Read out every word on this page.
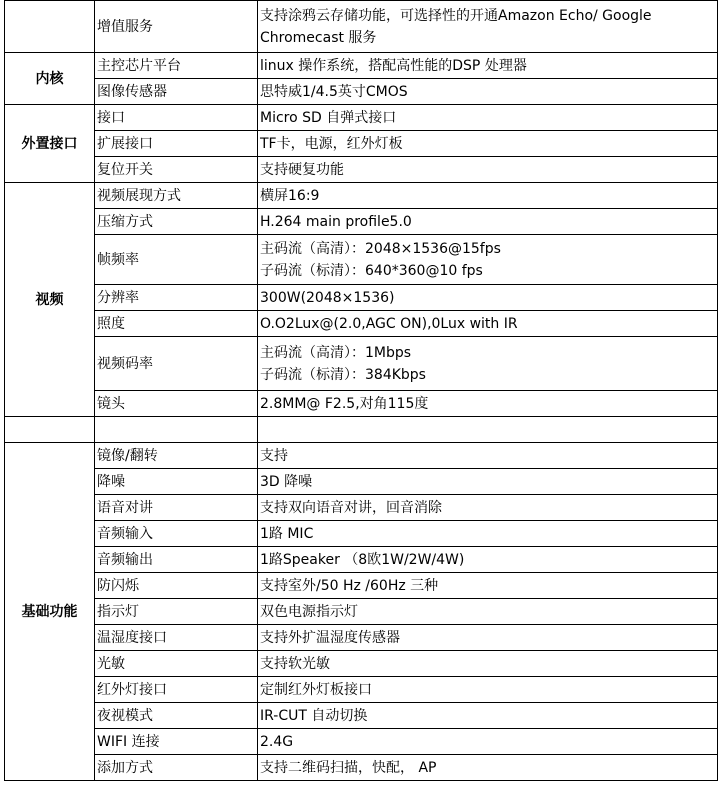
	增值服务	支持涂鸦云存储功能，可选择性的开通Amazon Echo/ Google
Chromecast 服务

内核	主控芯片平台	linux 操作系统，搭配高性能的DSP 处理器

	图像传感器	思特威1/4.5英寸CMOS

外置接口	接口	Micro SD 自弹式接口

	扩展接口	TF卡，电源，红外灯板

	复位开关	支持硬复功能

视频	视频展现方式	横屏16:9

	压缩方式	H.264 main profile5.0

	帧频率	主码流（高清）：2048×1536@15fps
子码流（标清）：640*360@10 fps

	分辨率	300W(2048×1536)

	照度	O.O2Lux@(2.0,AGC ON),0Lux with IR

	视频码率	主码流（高清）：1Mbps
子码流（标清）：384Kbps

	镜头	2.8MM@ F2.5,对角115度

基础功能	镜像/翻转	支持

	降噪	3D 降噪

	语音对讲	支持双向语音对讲，回音消除

	音频输入	1路 MIC

	音频输出	1路Speaker （8欧1W/2W/4W)

	防闪烁	支持室外/50 Hz /60Hz 三种

	指示灯	双色电源指示灯

	温湿度接口	支持外扩温湿度传感器

	光敏	支持软光敏

	红外灯接口	定制红外灯板接口

	夜视模式	IR-CUT 自动切换

	WIFI 连接	2.4G

	添加方式	支持二维码扫描，快配， AP
